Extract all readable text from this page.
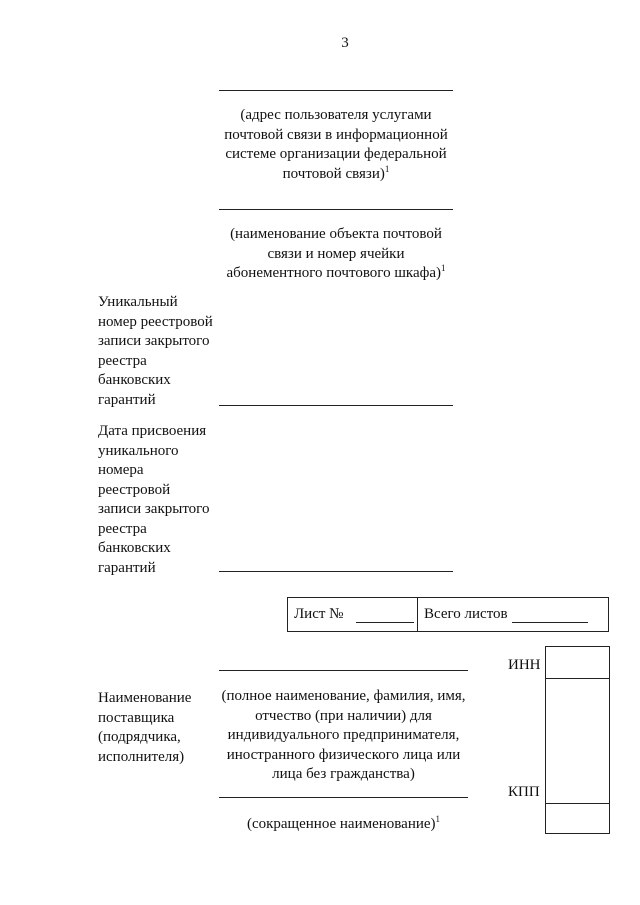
3
(адрес пользователя услугами почтовой связи в информационной системе организации федеральной почтовой связи)$^1$
(наименование объекта почтовой связи и номер ячейки абонементного почтового шкафа)$^1$
Уникальный номер реестровой записи закрытого реестра банковских гарантий
Дата присвоения уникального номера реестровой записи закрытого реестра банковских гарантий
Лист №	Всего листов
Наименование поставщика (подрядчика, исполнителя)
(полное наименование, фамилия, имя, отчество (при наличии) для индивидуального предпринимателя, иностранного физического лица или лица без гражданства)
(сокращенное наименование)$^1$
ИНН
КПП
